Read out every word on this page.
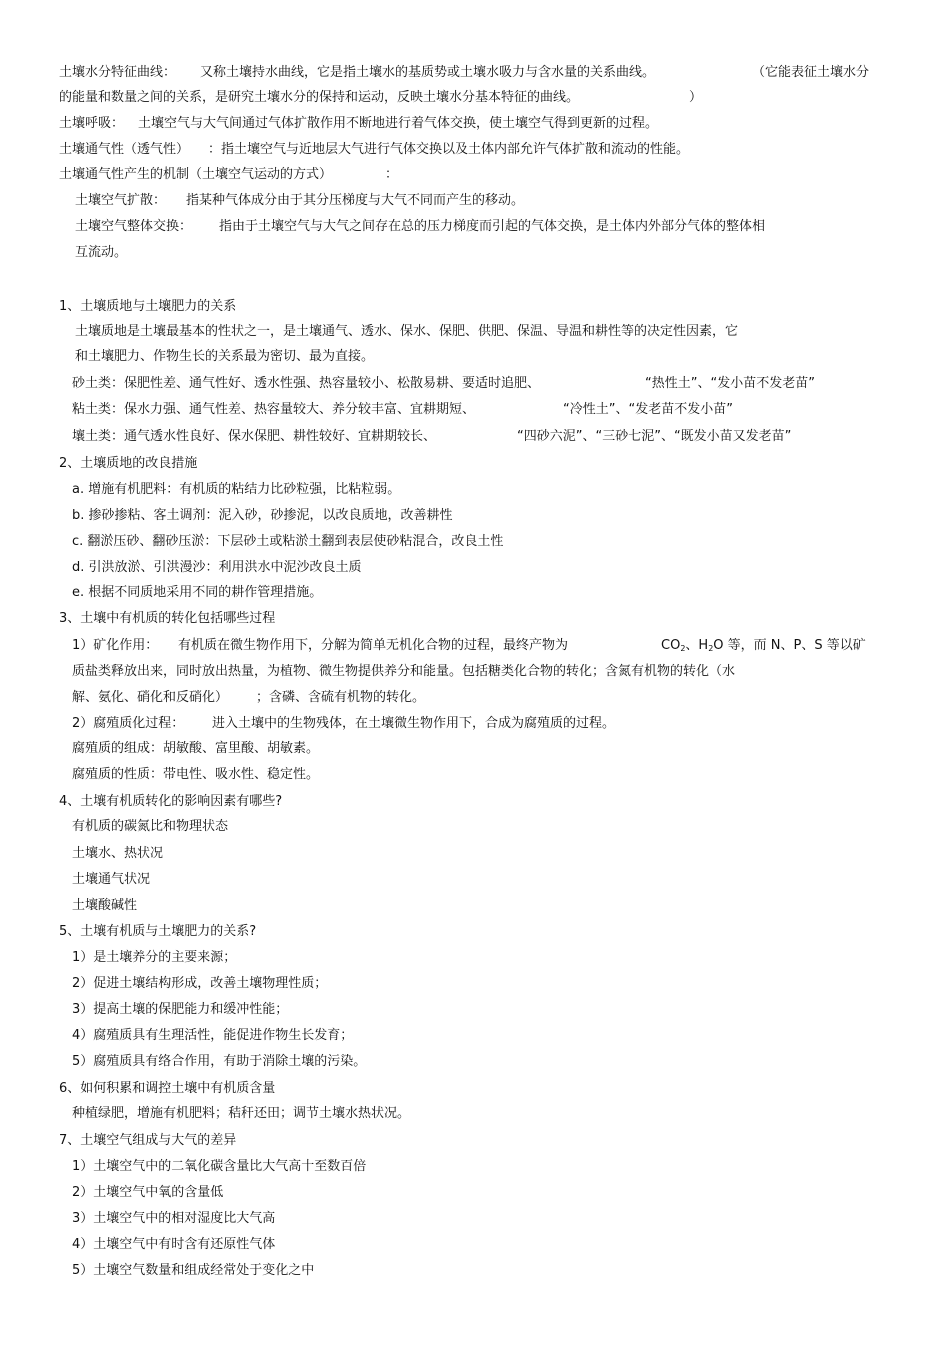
土壤水分特征曲线： 又称土壤持水曲线，它是指土壤水的基质势或土壤水吸力与含水量的关系曲线。	（它能表征土壤水分
的能量和数量之间的关系，是研究土壤水分的保持和运动，反映土壤水分基本特征的曲线。	）
土壤呼吸： 土壤空气与大气间通过气体扩散作用不断地进行着气体交换，使土壤空气得到更新的过程。
土壤通气性（透气性） ：指土壤空气与近地层大气进行气体交换以及土体内部允许气体扩散和流动的性能。
土壤通气性产生的机制（土壤空气运动的方式）	：
土壤空气扩散： 指某种气体成分由于其分压梯度与大气不同而产生的移动。
土壤空气整体交换： 指由于土壤空气与大气之间存在总的压力梯度而引起的气体交换，是土体内外部分气体的整体相
互流动。
1、土壤质地与土壤肥力的关系
土壤质地是土壤最基本的性状之一，是土壤通气、透水、保水、保肥、供肥、保温、导温和耕性等的决定性因素，它
和土壤肥力、作物生长的关系最为密切、最为直接。
砂土类：保肥性差、通气性好、透水性强、热容量较小、松散易耕、要适时追肥、	“热性土”、“发小苗不发老苗”
粘土类：保水力强、通气性差、热容量较大、养分较丰富、宜耕期短、	“冷性土”、“发老苗不发小苗”
壤土类：通气透水性良好、保水保肥、耕性较好、宜耕期较长、	“四砂六泥”、“三砂七泥”、“既发小苗又发老苗”
2、土壤质地的改良措施
a. 增施有机肥料：有机质的粘结力比砂粒强，比粘粒弱。
b. 掺砂掺粘、客土调剂：泥入砂，砂掺泥，以改良质地，改善耕性
c. 翻淤压砂、翻砂压淤：下层砂土或粘淤土翻到表层使砂粘混合，改良土性
d. 引洪放淤、引洪漫沙：利用洪水中泥沙改良土质
e. 根据不同质地采用不同的耕作管理措施。
3、土壤中有机质的转化包括哪些过程
1）矿化作用： 有机质在微生物作用下，分解为简单无机化合物的过程，最终产物为	$CO_2$、$H_2O$ 等，而 N、P、S 等以矿
质盐类释放出来，同时放出热量，为植物、微生物提供养分和能量。包括糖类化合物的转化；含氮有机物的转化（水
解、氨化、硝化和反硝化） ；含磷、含硫有机物的转化。
2）腐殖质化过程： 进入土壤中的生物残体，在土壤微生物作用下，合成为腐殖质的过程。
腐殖质的组成：胡敏酸、富里酸、胡敏素。
腐殖质的性质：带电性、吸水性、稳定性。
4、土壤有机质转化的影响因素有哪些?
有机质的碳氮比和物理状态
土壤水、热状况
土壤通气状况
土壤酸碱性
5、土壤有机质与土壤肥力的关系?
1）是土壤养分的主要来源；
2）促进土壤结构形成，改善土壤物理性质；
3）提高土壤的保肥能力和缓冲性能；
4）腐殖质具有生理活性，能促进作物生长发育；
5）腐殖质具有络合作用，有助于消除土壤的污染。
6、如何积累和调控土壤中有机质含量
种植绿肥，增施有机肥料；秸秆还田；调节土壤水热状况。
7、土壤空气组成与大气的差异
1）土壤空气中的二氧化碳含量比大气高十至数百倍
2）土壤空气中氧的含量低
3）土壤空气中的相对湿度比大气高
4）土壤空气中有时含有还原性气体
5）土壤空气数量和组成经常处于变化之中
